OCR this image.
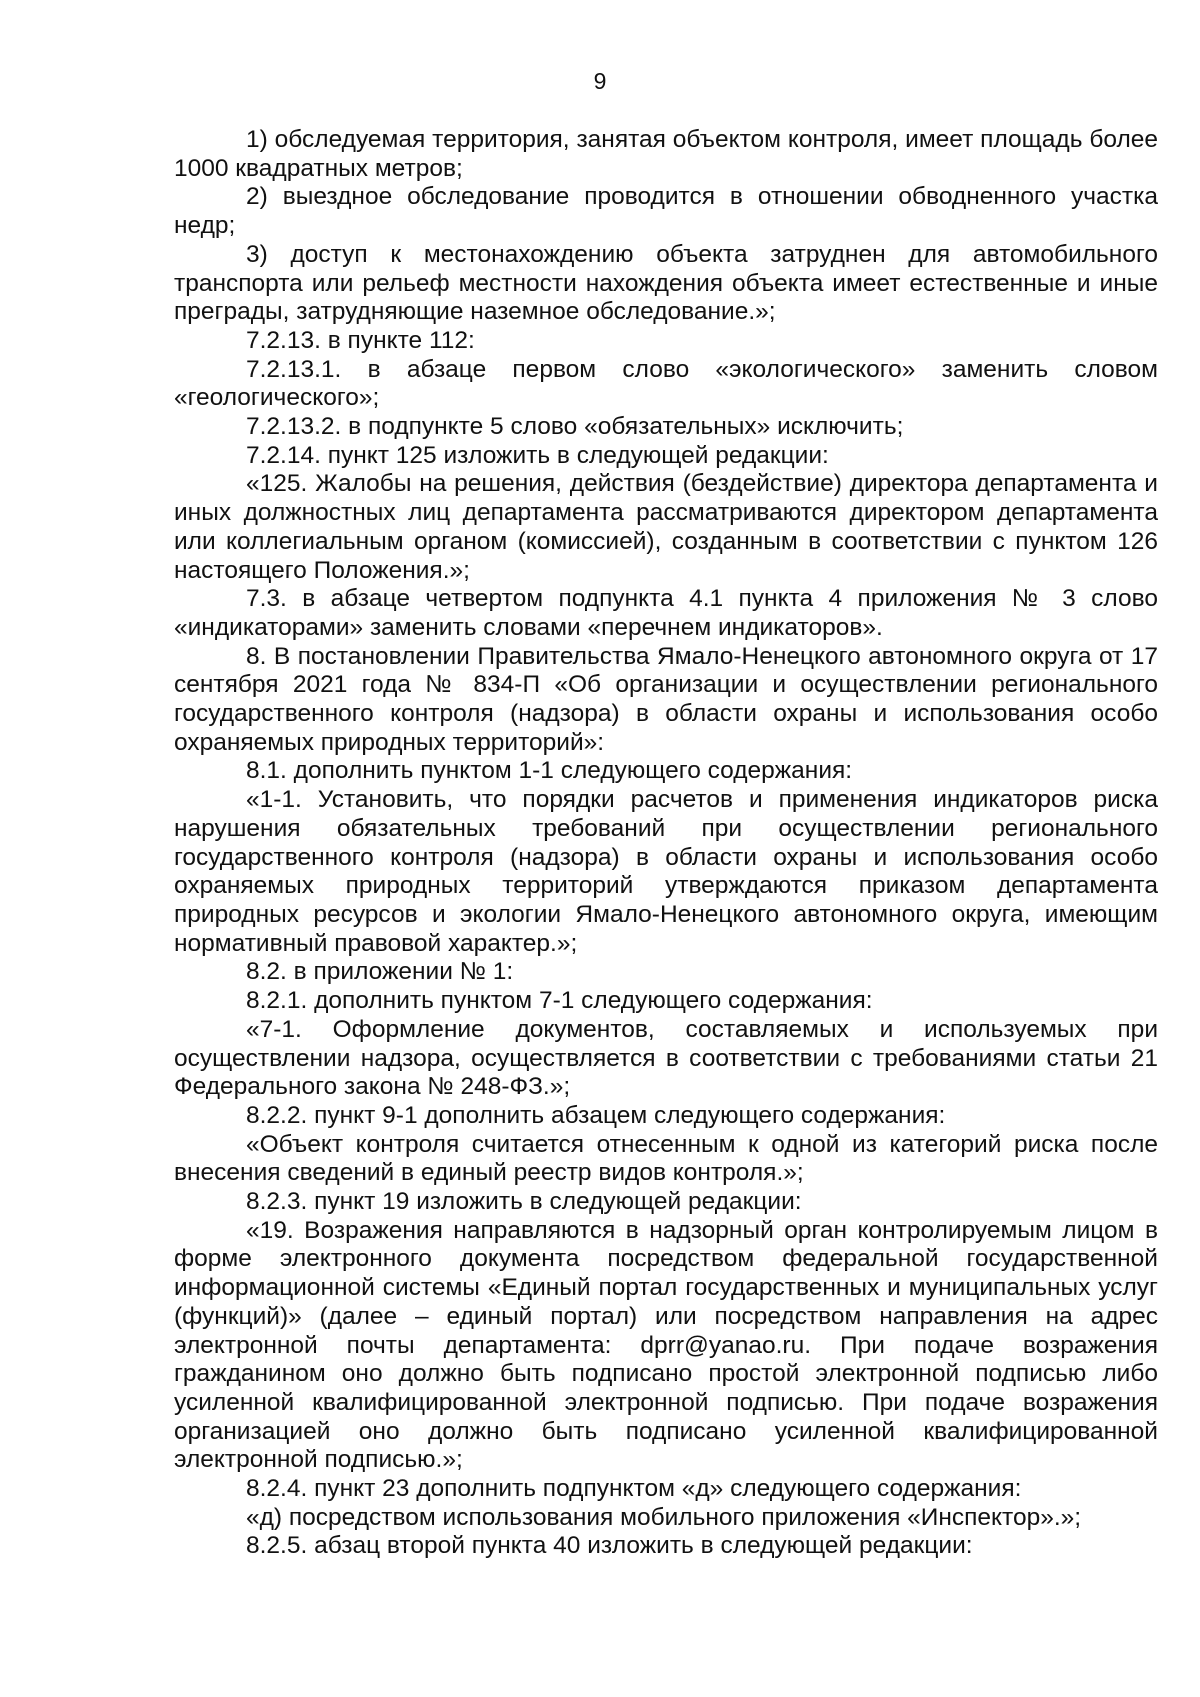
9

1) обследуемая территория, занятая объектом контроля, имеет площадь более 1000 квадратных метров;

2) выездное обследование проводится в отношении обводненного участка недр;

3) доступ к местонахождению объекта затруднен для автомобильного транспорта или рельеф местности нахождения объекта имеет естественные и иные преграды, затрудняющие наземное обследование.»;

7.2.13. в пункте 112:

7.2.13.1. в абзаце первом слово «экологического» заменить словом «геологического»;

7.2.13.2. в подпункте 5 слово «обязательных» исключить;

7.2.14. пункт 125 изложить в следующей редакции:

«125. Жалобы на решения, действия (бездействие) директора департамента и иных должностных лиц департамента рассматриваются директором департамента или коллегиальным органом (комиссией), созданным в соответствии с пунктом 126 настоящего Положения.»;

7.3. в абзаце четвертом подпункта 4.1 пункта 4 приложения № 3 слово «индикаторами» заменить словами «перечнем индикаторов».

8. В постановлении Правительства Ямало-Ненецкого автономного округа от 17 сентября 2021 года № 834-П «Об организации и осуществлении регионального государственного контроля (надзора) в области охраны и использования особо охраняемых природных территорий»:

8.1. дополнить пунктом 1-1 следующего содержания:

«1-1. Установить, что порядки расчетов и применения индикаторов риска нарушения обязательных требований при осуществлении регионального государственного контроля (надзора) в области охраны и использования особо охраняемых природных территорий утверждаются приказом департамента природных ресурсов и экологии Ямало-Ненецкого автономного округа, имеющим нормативный правовой характер.»;

8.2. в приложении № 1:

8.2.1. дополнить пунктом 7-1 следующего содержания:

«7-1. Оформление документов, составляемых и используемых при осуществлении надзора, осуществляется в соответствии с требованиями статьи 21 Федерального закона № 248-ФЗ.»;

8.2.2. пункт 9-1 дополнить абзацем следующего содержания:

«Объект контроля считается отнесенным к одной из категорий риска после внесения сведений в единый реестр видов контроля.»;

8.2.3. пункт 19 изложить в следующей редакции:

«19. Возражения направляются в надзорный орган контролируемым лицом в форме электронного документа посредством федеральной государственной информационной системы «Единый портал государственных и муниципальных услуг (функций)» (далее – единый портал) или посредством направления на адрес электронной почты департамента: dprr@yanao.ru. При подаче возражения гражданином оно должно быть подписано простой электронной подписью либо усиленной квалифицированной электронной подписью. При подаче возражения организацией оно должно быть подписано усиленной квалифицированной электронной подписью.»;

8.2.4. пункт 23 дополнить подпунктом «д» следующего содержания:

«д) посредством использования мобильного приложения «Инспектор».»;

8.2.5. абзац второй пункта 40 изложить в следующей редакции:
